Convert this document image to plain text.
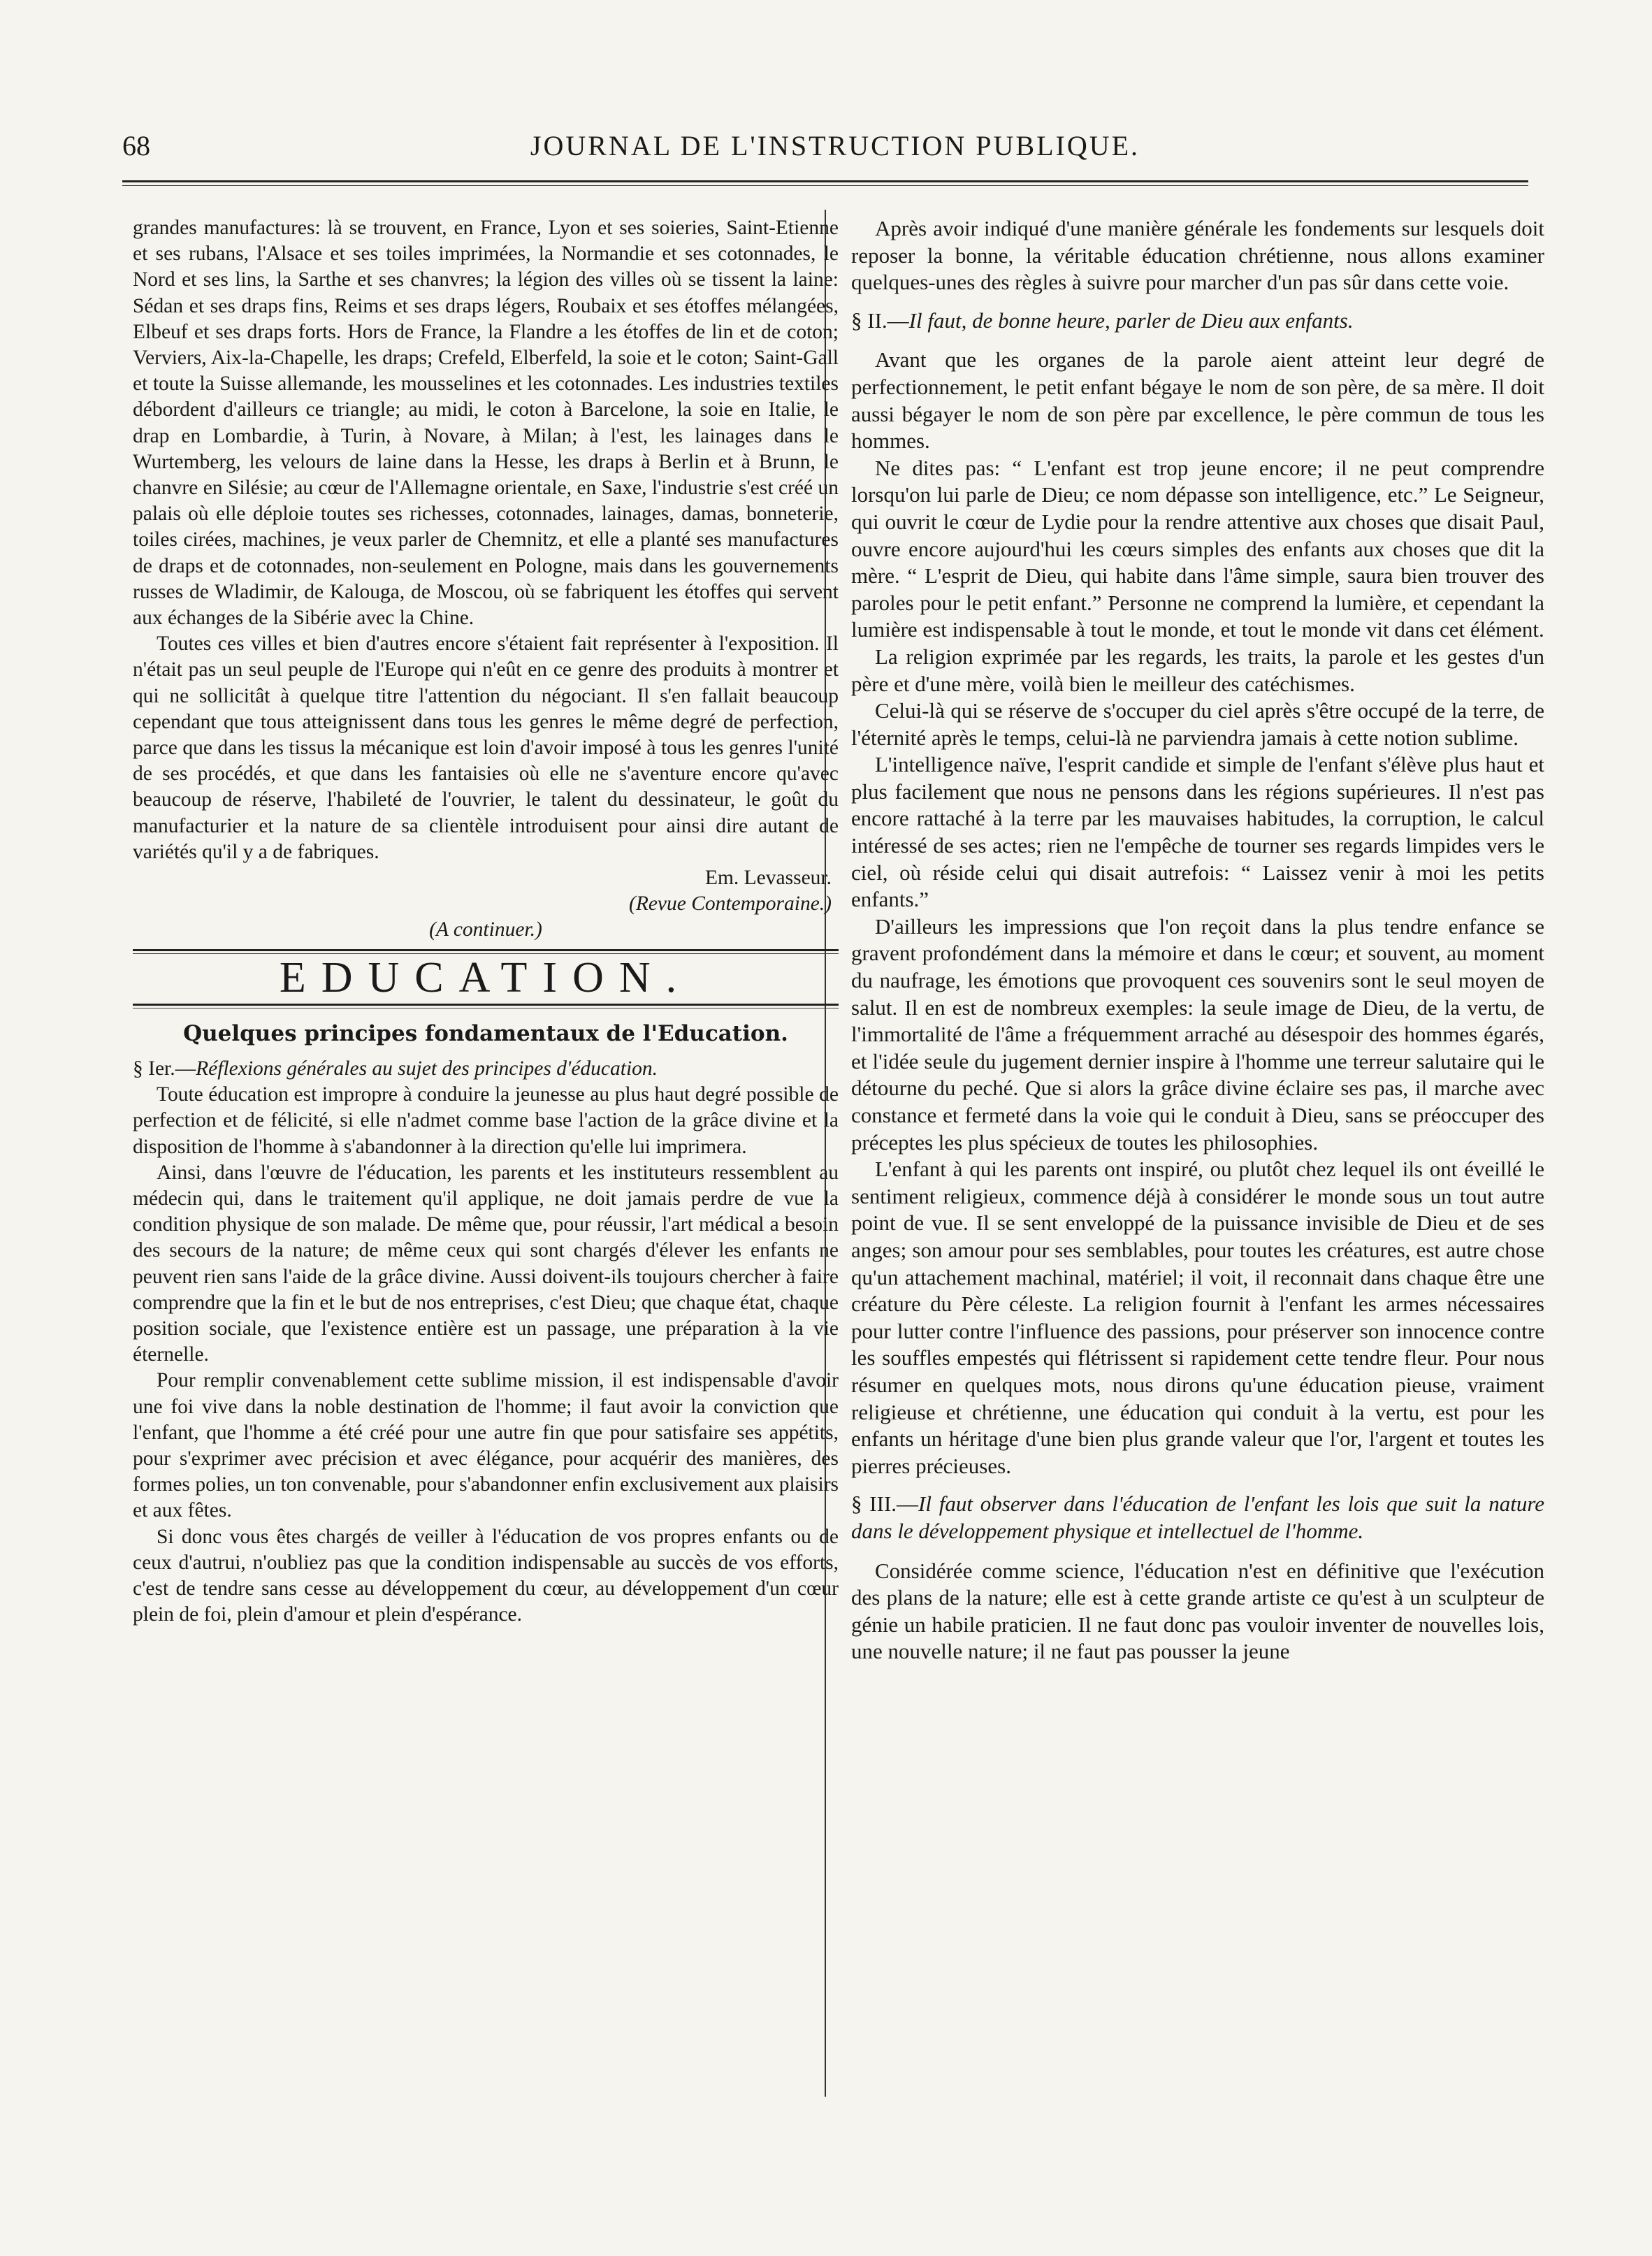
68	JOURNAL DE L'INSTRUCTION PUBLIQUE.

grandes manufactures: là se trouvent, en France, Lyon et ses soieries, Saint-Etienne et ses rubans, l'Alsace et ses toiles imprimées, la Normandie et ses cotonnades, le Nord et ses lins, la Sarthe et ses chanvres; la légion des villes où se tissent la laine: Sédan et ses draps fins, Reims et ses draps légers, Roubaix et ses étoffes mélangées, Elbeuf et ses draps forts. Hors de France, la Flandre a les étoffes de lin et de coton; Verviers, Aix-la-Chapelle, les draps; Crefeld, Elberfeld, la soie et le coton; Saint-Gall et toute la Suisse allemande, les mousselines et les cotonnades. Les industries textiles débordent d'ailleurs ce triangle; au midi, le coton à Barcelone, la soie en Italie, le drap en Lombardie, à Turin, à Novare, à Milan; à l'est, les lainages dans le Wurtemberg, les velours de laine dans la Hesse, les draps à Berlin et à Brunn, le chanvre en Silésie; au cœur de l'Allemagne orientale, en Saxe, l'industrie s'est créé un palais où elle déploie toutes ses richesses, cotonnades, lainages, damas, bonneterie, toiles cirées, machines, je veux parler de Chemnitz, et elle a planté ses manufactures de draps et de cotonnades, non-seulement en Pologne, mais dans les gouvernements russes de Wladimir, de Kalouga, de Moscou, où se fabriquent les étoffes qui servent aux échanges de la Sibérie avec la Chine.

Toutes ces villes et bien d'autres encore s'étaient fait représenter à l'exposition. Il n'était pas un seul peuple de l'Europe qui n'eût en ce genre des produits à montrer et qui ne sollicitât à quelque titre l'attention du négociant. Il s'en fallait beaucoup cependant que tous atteignissent dans tous les genres le même degré de perfection, parce que dans les tissus la mécanique est loin d'avoir imposé à tous les genres l'unité de ses procédés, et que dans les fantaisies où elle ne s'aventure encore qu'avec beaucoup de réserve, l'habileté de l'ouvrier, le talent du dessinateur, le goût du manufacturier et la nature de sa clientèle introduisent pour ainsi dire autant de variétés qu'il y a de fabriques.

Em. Levasseur.

(Revue Contemporaine.)

(A continuer.)

EDUCATION.
Quelques principes fondamentaux de l'Education.

§ Ier.—Réflexions générales au sujet des principes d'éducation.

Toute éducation est impropre à conduire la jeunesse au plus haut degré possible de perfection et de félicité, si elle n'admet comme base l'action de la grâce divine et la disposition de l'homme à s'abandonner à la direction qu'elle lui imprimera.

Ainsi, dans l'œuvre de l'éducation, les parents et les instituteurs ressemblent au médecin qui, dans le traitement qu'il applique, ne doit jamais perdre de vue la condition physique de son malade. De même que, pour réussir, l'art médical a besoin des secours de la nature; de même ceux qui sont chargés d'élever les enfants ne peuvent rien sans l'aide de la grâce divine. Aussi doivent-ils toujours chercher à faire comprendre que la fin et le but de nos entreprises, c'est Dieu; que chaque état, chaque position sociale, que l'existence entière est un passage, une préparation à la vie éternelle.

Pour remplir convenablement cette sublime mission, il est indispensable d'avoir une foi vive dans la noble destination de l'homme; il faut avoir la conviction que l'enfant, que l'homme a été créé pour une autre fin que pour satisfaire ses appétits, pour s'exprimer avec précision et avec élégance, pour acquérir des manières, des formes polies, un ton convenable, pour s'abandonner enfin exclusivement aux plaisirs et aux fêtes.

Si donc vous êtes chargés de veiller à l'éducation de vos propres enfants ou de ceux d'autrui, n'oubliez pas que la condition indispensable au succès de vos efforts, c'est de tendre sans cesse au développement du cœur, au développement d'un cœur plein de foi, plein d'amour et plein d'espérance.

Après avoir indiqué d'une manière générale les fondements sur lesquels doit reposer la bonne, la véritable éducation chrétienne, nous allons examiner quelques-unes des règles à suivre pour marcher d'un pas sûr dans cette voie.

§ II.—Il faut, de bonne heure, parler de Dieu aux enfants.

Avant que les organes de la parole aient atteint leur degré de perfectionnement, le petit enfant bégaye le nom de son père, de sa mère. Il doit aussi bégayer le nom de son père par excellence, le père commun de tous les hommes.

Ne dites pas: “ L'enfant est trop jeune encore; il ne peut comprendre lorsqu'on lui parle de Dieu; ce nom dépasse son intelligence, etc.” Le Seigneur, qui ouvrit le cœur de Lydie pour la rendre attentive aux choses que disait Paul, ouvre encore aujourd'hui les cœurs simples des enfants aux choses que dit la mère. “ L'esprit de Dieu, qui habite dans l'âme simple, saura bien trouver des paroles pour le petit enfant.” Personne ne comprend la lumière, et cependant la lumière est indispensable à tout le monde, et tout le monde vit dans cet élément.

La religion exprimée par les regards, les traits, la parole et les gestes d'un père et d'une mère, voilà bien le meilleur des catéchismes.

Celui-là qui se réserve de s'occuper du ciel après s'être occupé de la terre, de l'éternité après le temps, celui-là ne parviendra jamais à cette notion sublime.

L'intelligence naïve, l'esprit candide et simple de l'enfant s'élève plus haut et plus facilement que nous ne pensons dans les régions supérieures. Il n'est pas encore rattaché à la terre par les mauvaises habitudes, la corruption, le calcul intéressé de ses actes; rien ne l'empêche de tourner ses regards limpides vers le ciel, où réside celui qui disait autrefois: “ Laissez venir à moi les petits enfants.”

D'ailleurs les impressions que l'on reçoit dans la plus tendre enfance se gravent profondément dans la mémoire et dans le cœur; et souvent, au moment du naufrage, les émotions que provoquent ces souvenirs sont le seul moyen de salut. Il en est de nombreux exemples: la seule image de Dieu, de la vertu, de l'immortalité de l'âme a fréquemment arraché au désespoir des hommes égarés, et l'idée seule du jugement dernier inspire à l'homme une terreur salutaire qui le détourne du peché. Que si alors la grâce divine éclaire ses pas, il marche avec constance et fermeté dans la voie qui le conduit à Dieu, sans se préoccuper des préceptes les plus spécieux de toutes les philosophies.

L'enfant à qui les parents ont inspiré, ou plutôt chez lequel ils ont éveillé le sentiment religieux, commence déjà à considérer le monde sous un tout autre point de vue. Il se sent enveloppé de la puissance invisible de Dieu et de ses anges; son amour pour ses semblables, pour toutes les créatures, est autre chose qu'un attachement machinal, matériel; il voit, il reconnait dans chaque être une créature du Père céleste. La religion fournit à l'enfant les armes nécessaires pour lutter contre l'influence des passions, pour préserver son innocence contre les souffles empestés qui flétrissent si rapidement cette tendre fleur. Pour nous résumer en quelques mots, nous dirons qu'une éducation pieuse, vraiment religieuse et chrétienne, une éducation qui conduit à la vertu, est pour les enfants un héritage d'une bien plus grande valeur que l'or, l'argent et toutes les pierres précieuses.

§ III.—Il faut observer dans l'éducation de l'enfant les lois que suit la nature dans le développement physique et intellectuel de l'homme.

Considérée comme science, l'éducation n'est en définitive que l'exécution des plans de la nature; elle est à cette grande artiste ce qu'est à un sculpteur de génie un habile praticien. Il ne faut donc pas vouloir inventer de nouvelles lois, une nouvelle nature; il ne faut pas pousser la jeune
